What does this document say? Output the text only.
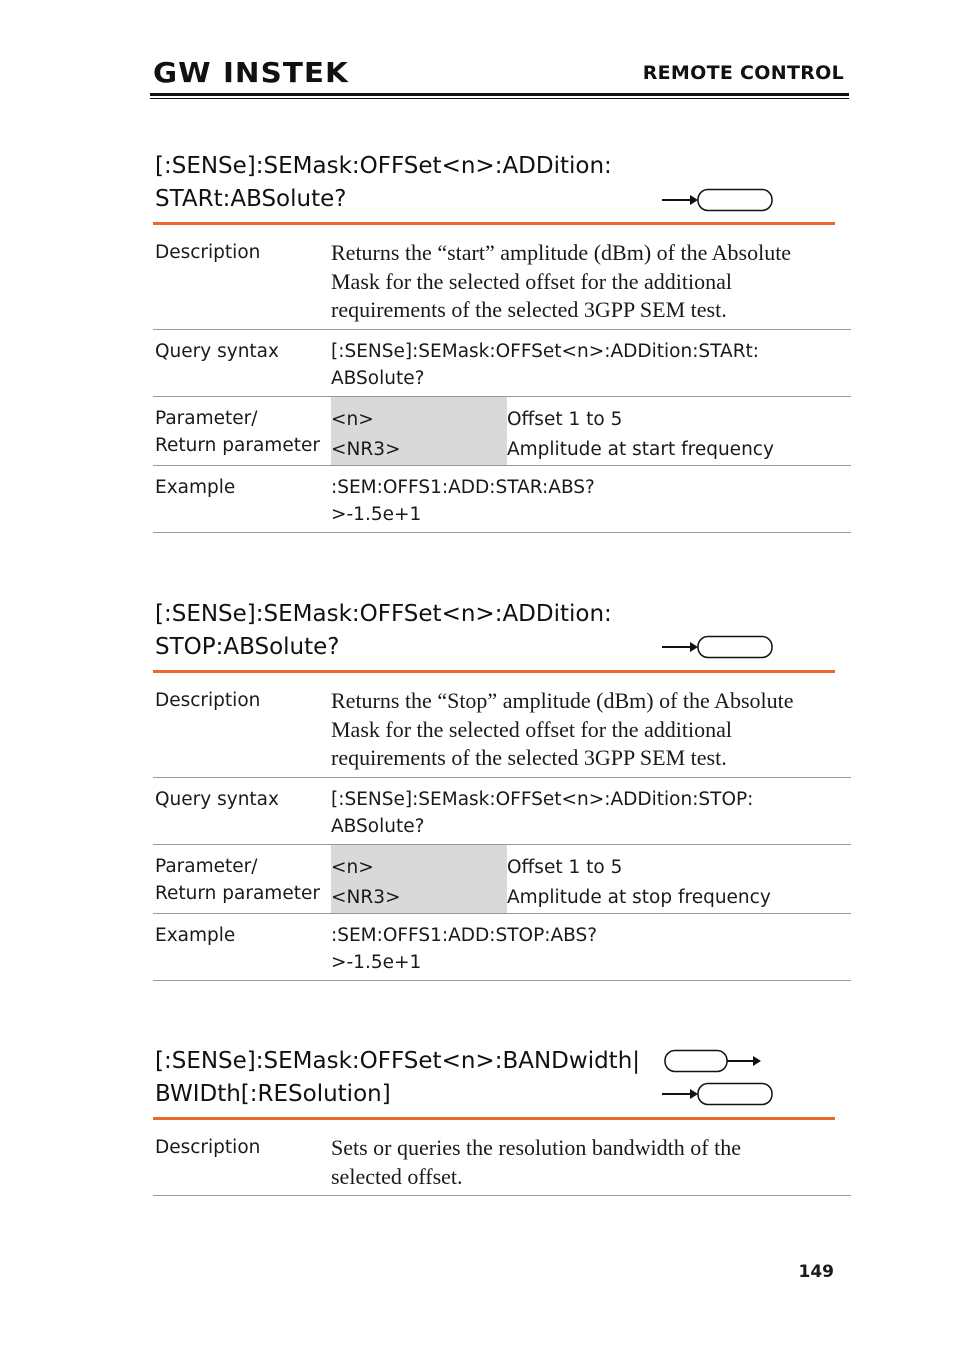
GW INSTEK	REMOTE CONTROL
[:SENSe]:SEMask:OFFSet<n>:ADDition:
STARt:ABSolute?
Description	Returns the “start” amplitude (dBm) of the Absolute Mask for the selected offset for the additional requirements of the selected 3GPP SEM test.
Query syntax	[:SENSe]:SEMask:OFFSet<n>:ADDition:STARt:
ABSolute?
Parameter/
Return parameter
<n>	Offset 1 to 5
<NR3>	Amplitude at start frequency
Example	:SEM:OFFS1:ADD:STAR:ABS?
>-1.5e+1
[:SENSe]:SEMask:OFFSet<n>:ADDition:
STOP:ABSolute?
Description	Returns the “Stop” amplitude (dBm) of the Absolute Mask for the selected offset for the additional requirements of the selected 3GPP SEM test.
Query syntax	[:SENSe]:SEMask:OFFSet<n>:ADDition:STOP:
ABSolute?
Parameter/
Return parameter
<n>	Offset 1 to 5
<NR3>	Amplitude at stop frequency
Example	:SEM:OFFS1:ADD:STOP:ABS?
>-1.5e+1
[:SENSe]:SEMask:OFFSet<n>:BANDwidth|
BWIDth[:RESolution]
Description	Sets or queries the resolution bandwidth of the selected offset.
149
